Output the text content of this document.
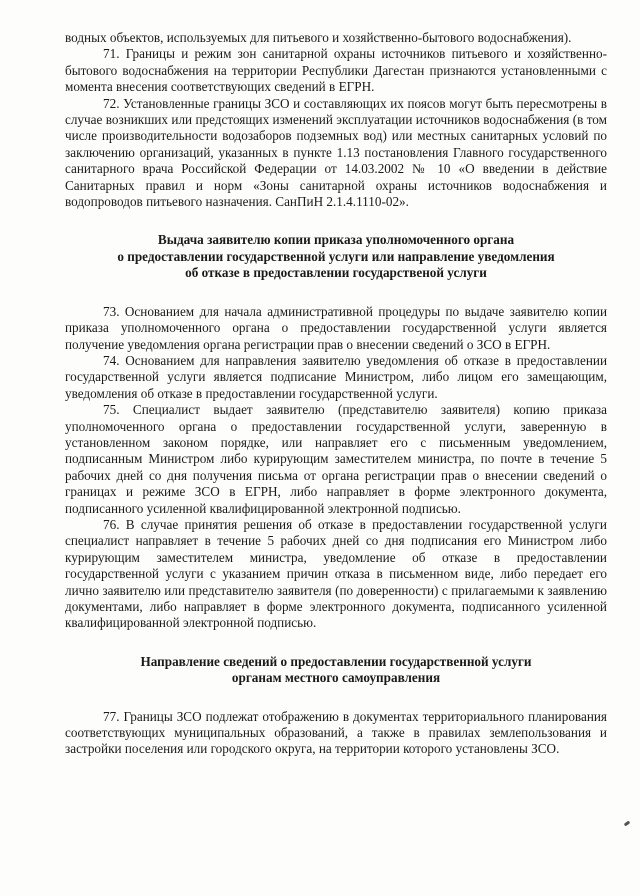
водных объектов, используемых для питьевого и хозяйственно-бытового водоснабжения).

71. Границы и режим зон санитарной охраны источников питьевого и хозяйственно-бытового водоснабжения на территории Республики Дагестан признаются установленными с момента внесения соответствующих сведений в ЕГРН.

72. Установленные границы ЗСО и составляющих их поясов могут быть пересмотрены в случае возникших или предстоящих изменений эксплуатации источников водоснабжения (в том числе производительности водозаборов подземных вод) или местных санитарных условий по заключению организаций, указанных в пункте 1.13 постановления Главного государственного санитарного врача Российской Федерации от 14.03.2002 № 10 «О введении в действие Санитарных правил и норм «Зоны санитарной охраны источников водоснабжения и водопроводов питьевого назначения. СанПиН 2.1.4.1110-02».

Выдача заявителю копии приказа уполномоченного органа
о предоставлении государственной услуги или направление уведомления
об отказе в предоставлении государственой услуги

73. Основанием для начала административной процедуры по выдаче заявителю копии приказа уполномоченного органа о предоставлении государственной услуги является получение уведомления органа регистрации прав о внесении сведений о ЗСО в ЕГРН.

74. Основанием для направления заявителю уведомления об отказе в предоставлении государственной услуги является подписание Министром, либо лицом его замещающим, уведомления об отказе в предоставлении государственной услуги.

75. Специалист выдает заявителю (представителю заявителя) копию приказа уполномоченного органа о предоставлении государственной услуги, заверенную в установленном законом порядке, или направляет его с письменным уведомлением, подписанным Министром либо курирующим заместителем министра, по почте в течение 5 рабочих дней со дня получения письма от органа регистрации прав о внесении сведений о границах и режиме ЗСО в ЕГРН, либо направляет в форме электронного документа, подписанного усиленной квалифицированной электронной подписью.

76. В случае принятия решения об отказе в предоставлении государственной услуги специалист направляет в течение 5 рабочих дней со дня подписания его Министром либо курирующим заместителем министра, уведомление об отказе в предоставлении государственной услуги с указанием причин отказа в письменном виде, либо передает его лично заявителю или представителю заявителя (по доверенности) с прилагаемыми к заявлению документами, либо направляет в форме электронного документа, подписанного усиленной квалифицированной электронной подписью.

Направление сведений о предоставлении государственной услуги
органам местного самоуправления

77. Границы ЗСО подлежат отображению в документах территориального планирования соответствующих муниципальных образований, а также в правилах землепользования и застройки поселения или городского округа, на территории которого установлены ЗСО.
